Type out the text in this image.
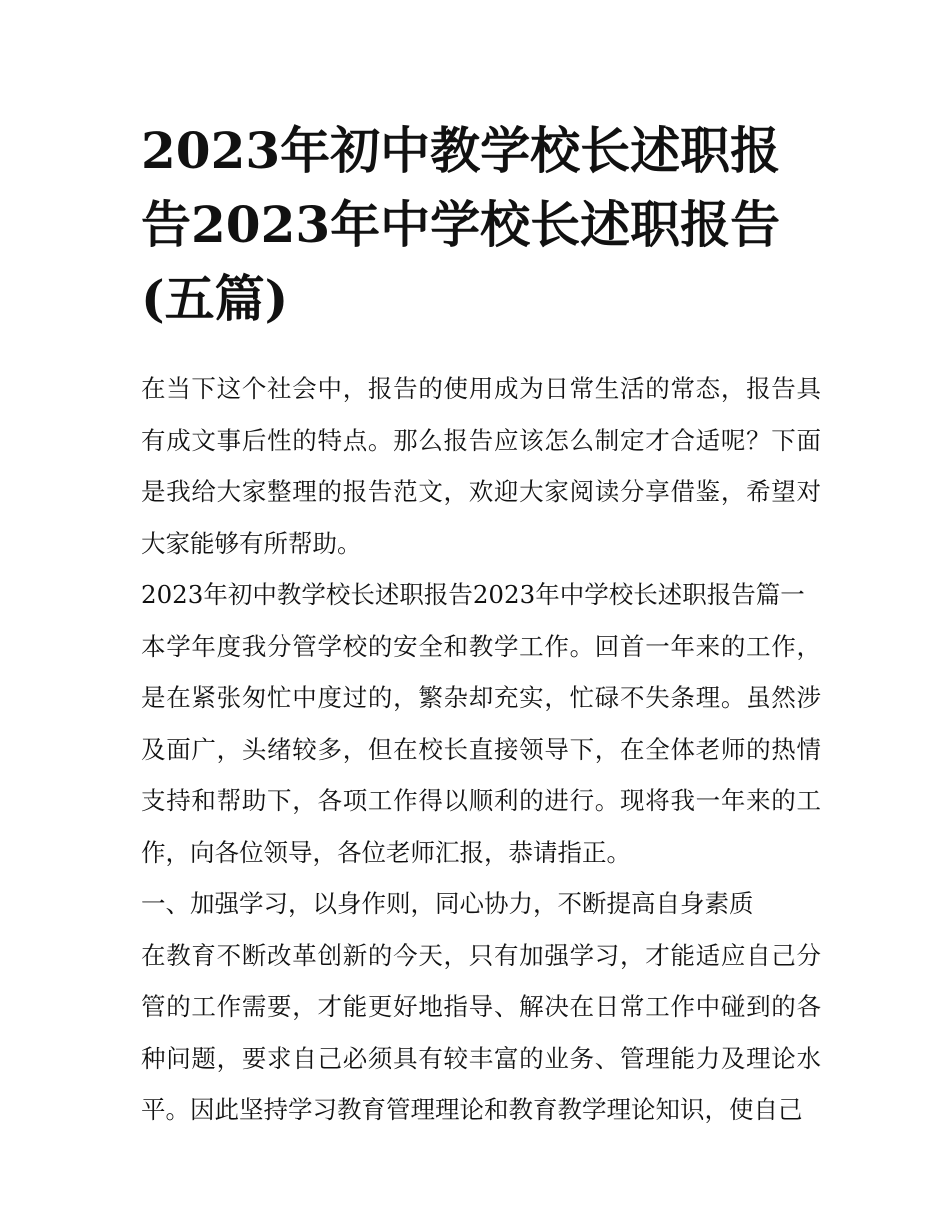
2023年初中教学校长述职报告2023年中学校长述职报告(五篇)

在当下这个社会中，报告的使用成为日常生活的常态，报告具有成文事后性的特点。那么报告应该怎么制定才合适呢？下面是我给大家整理的报告范文，欢迎大家阅读分享借鉴，希望对大家能够有所帮助。

2023年初中教学校长述职报告2023年中学校长述职报告篇一

本学年度我分管学校的安全和教学工作。回首一年来的工作，是在紧张匆忙中度过的，繁杂却充实，忙碌不失条理。虽然涉及面广，头绪较多，但在校长直接领导下，在全体老师的热情支持和帮助下，各项工作得以顺利的进行。现将我一年来的工作，向各位领导，各位老师汇报，恭请指正。

一、加强学习，以身作则，同心协力，不断提高自身素质

在教育不断改革创新的今天，只有加强学习，才能适应自己分管的工作需要，才能更好地指导、解决在日常工作中碰到的各种问题，要求自己必须具有较丰富的业务、管理能力及理论水平。因此坚持学习教育管理理论和教育教学理论知识，使自己
